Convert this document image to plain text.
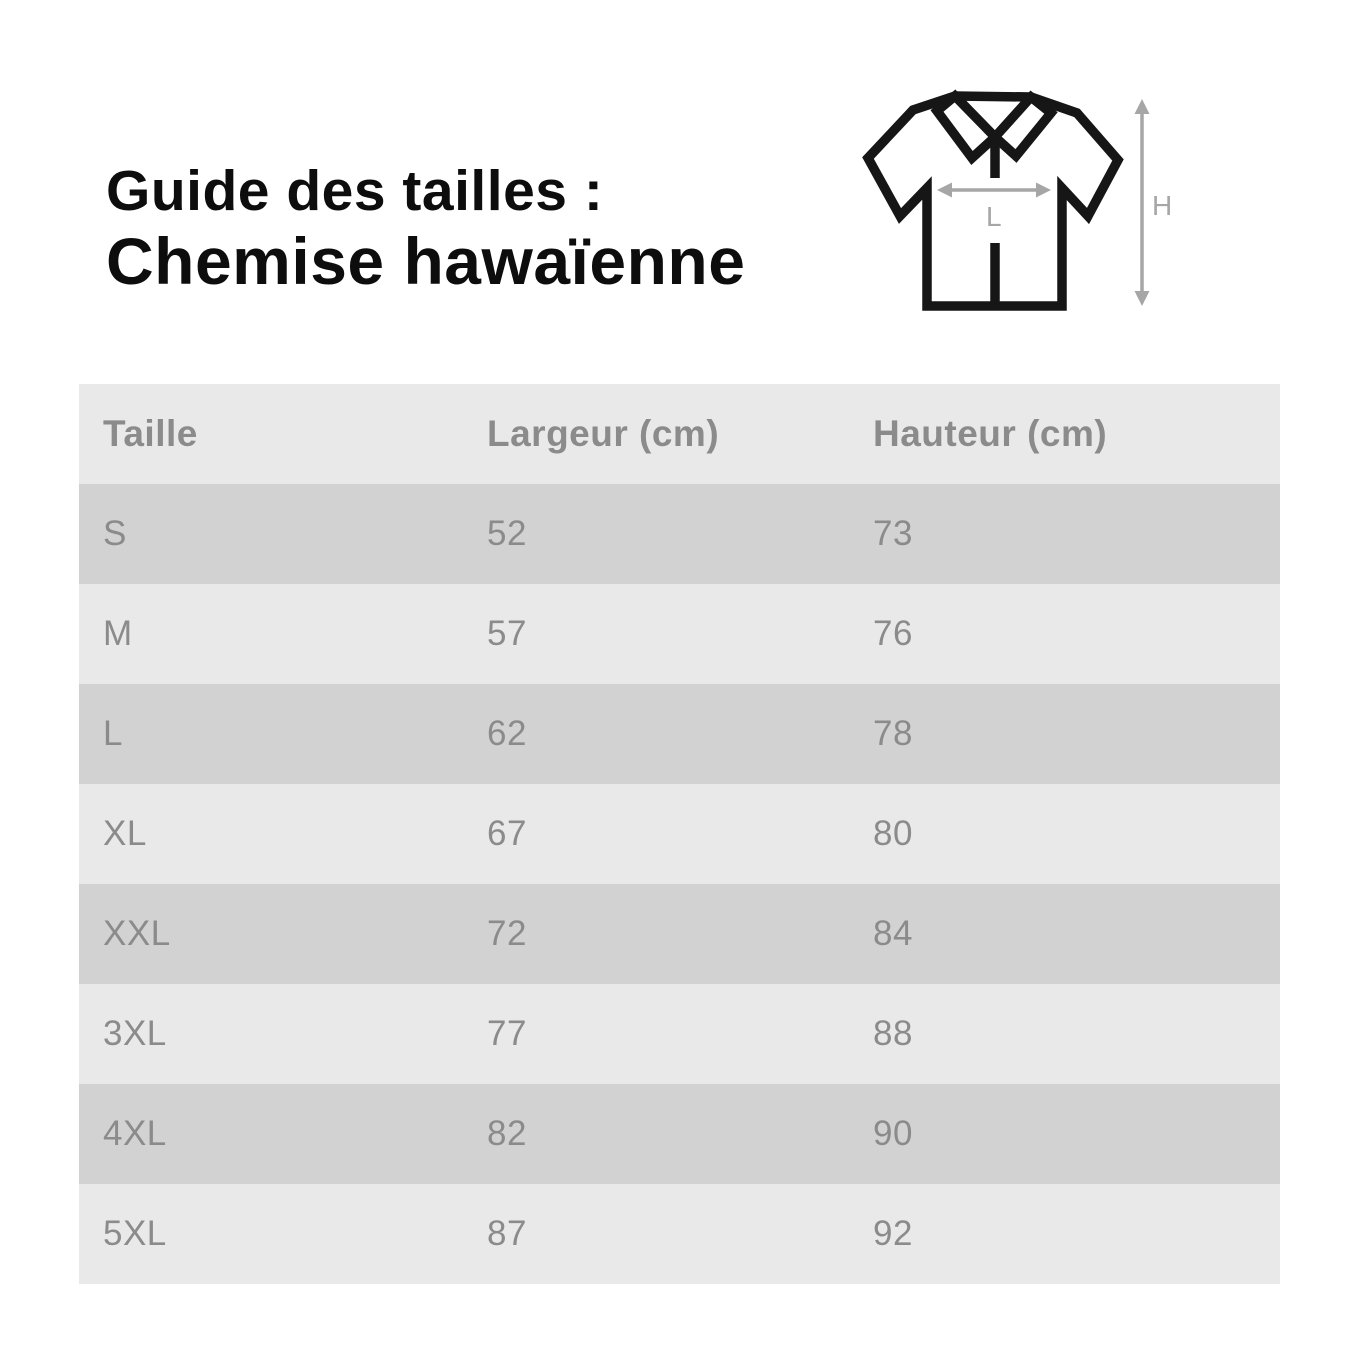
Guide des tailles :
Chemise hawaïenne
L	H
Taille	Largeur (cm)	Hauteur (cm)
S	52	73
M	57	76
L	62	78
XL	67	80
XXL	72	84
3XL	77	88
4XL	82	90
5XL	87	92
